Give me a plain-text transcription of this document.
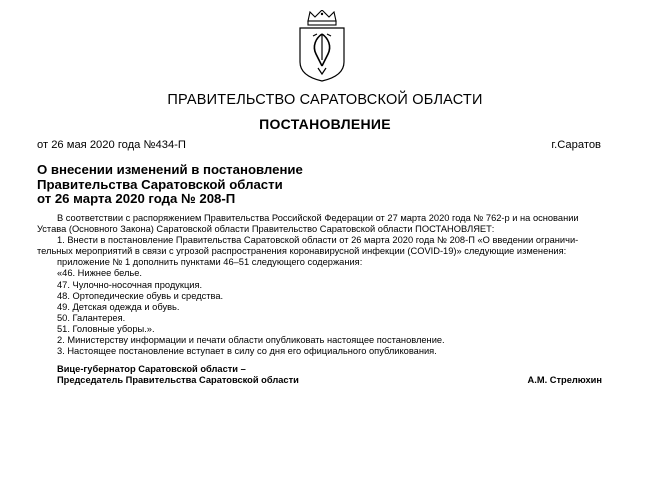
ПРАВИТЕЛЬСТВО САРАТОВСКОЙ ОБЛАСТИ
ПОСТАНОВЛЕНИЕ
от 26 мая 2020 года №434-П	г.Саратов
О внесении изменений в постановление
Правительства Саратовской области
от 26 марта 2020 года № 208-П
В соответствии с распоряжением Правительства Российской Федерации от 27 марта 2020 года № 762-р и на основании
Устава (Основного Закона) Саратовской области Правительство Саратовской области ПОСТАНОВЛЯЕТ:
1. Внести в постановление Правительства Саратовской области от 26 марта 2020 года № 208-П «О введении ограничи-
тельных мероприятий в связи с угрозой распространения коронавирусной инфекции (COVID-19)» следующие изменения:
приложение № 1 дополнить пунктами 46–51 следующего содержания:
«46. Нижнее белье.
47. Чулочно-носочная продукция.
48. Ортопедические обувь и средства.
49. Детская одежда и обувь.
50. Галантерея.
51. Головные уборы.».
2. Министерству информации и печати области опубликовать настоящее постановление.
3. Настоящее постановление вступает в силу со дня его официального опубликования.
Вице-губернатор Саратовской области –
Председатель Правительства Саратовской области	А.М. Стрелюхин
